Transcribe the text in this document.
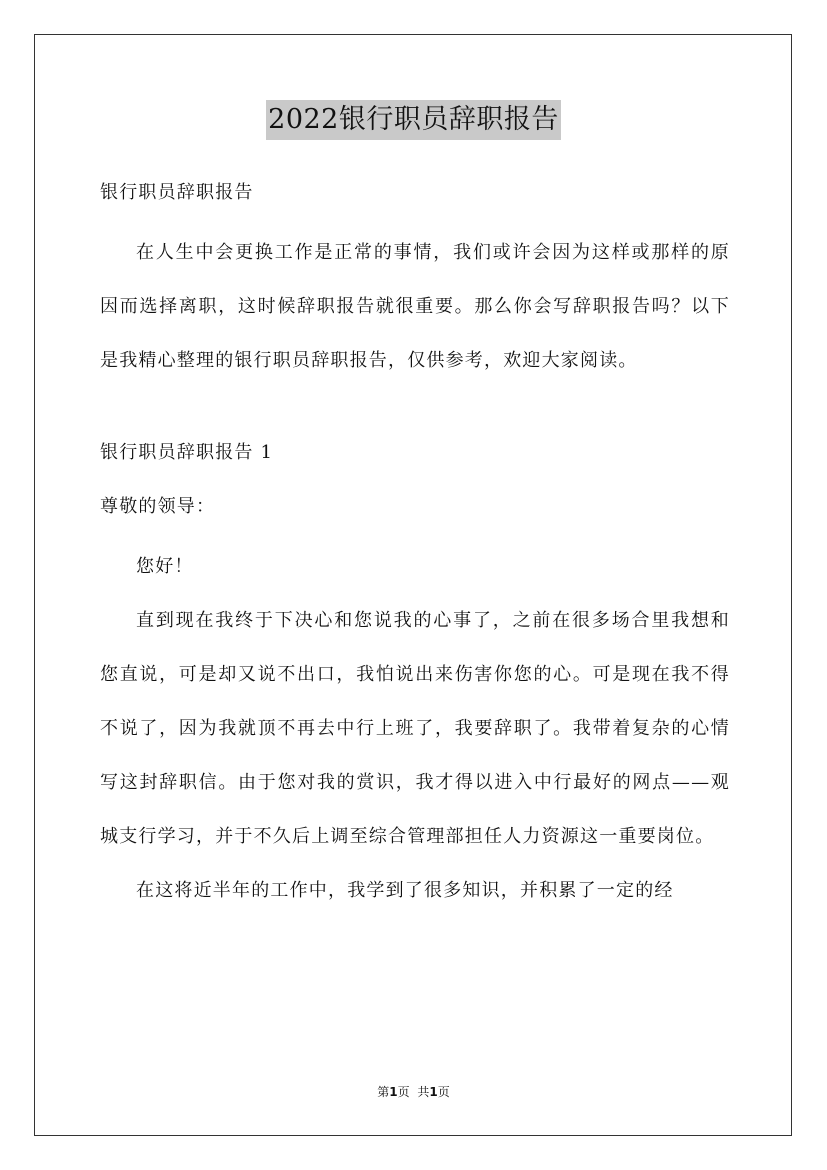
2022银行职员辞职报告
银行职员辞职报告

在人生中会更换工作是正常的事情，我们或许会因为这样或那样的原因而选择离职，这时候辞职报告就很重要。那么你会写辞职报告吗？以下是我精心整理的银行职员辞职报告，仅供参考，欢迎大家阅读。

银行职员辞职报告 1
尊敬的领导：
您好！

直到现在我终于下决心和您说我的心事了，之前在很多场合里我想和您直说，可是却又说不出口，我怕说出来伤害你您的心。可是现在我不得不说了，因为我就顶不再去中行上班了，我要辞职了。我带着复杂的心情写这封辞职信。由于您对我的赏识，我才得以进入中行最好的网点——观城支行学习，并于不久后上调至综合管理部担任人力资源这一重要岗位。

在这将近半年的工作中，我学到了很多知识，并积累了一定的经

第1页 共1页
